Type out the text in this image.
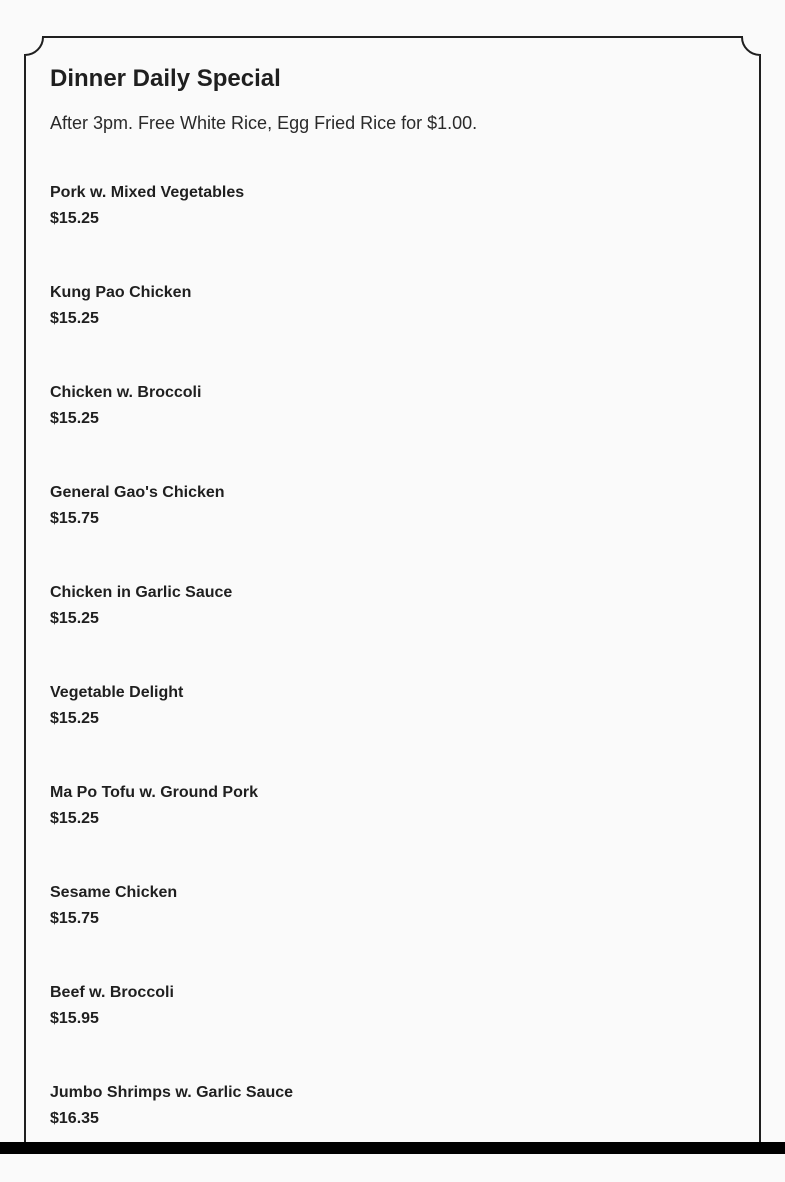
Dinner Daily Special

After 3pm. Free White Rice, Egg Fried Rice for $1.00.

Pork w. Mixed Vegetables
$15.25
Kung Pao Chicken
$15.25
Chicken w. Broccoli
$15.25
General Gao's Chicken
$15.75
Chicken in Garlic Sauce
$15.25
Vegetable Delight
$15.25
Ma Po Tofu w. Ground Pork
$15.25
Sesame Chicken
$15.75
Beef w. Broccoli
$15.95
Jumbo Shrimps w. Garlic Sauce
$16.35
